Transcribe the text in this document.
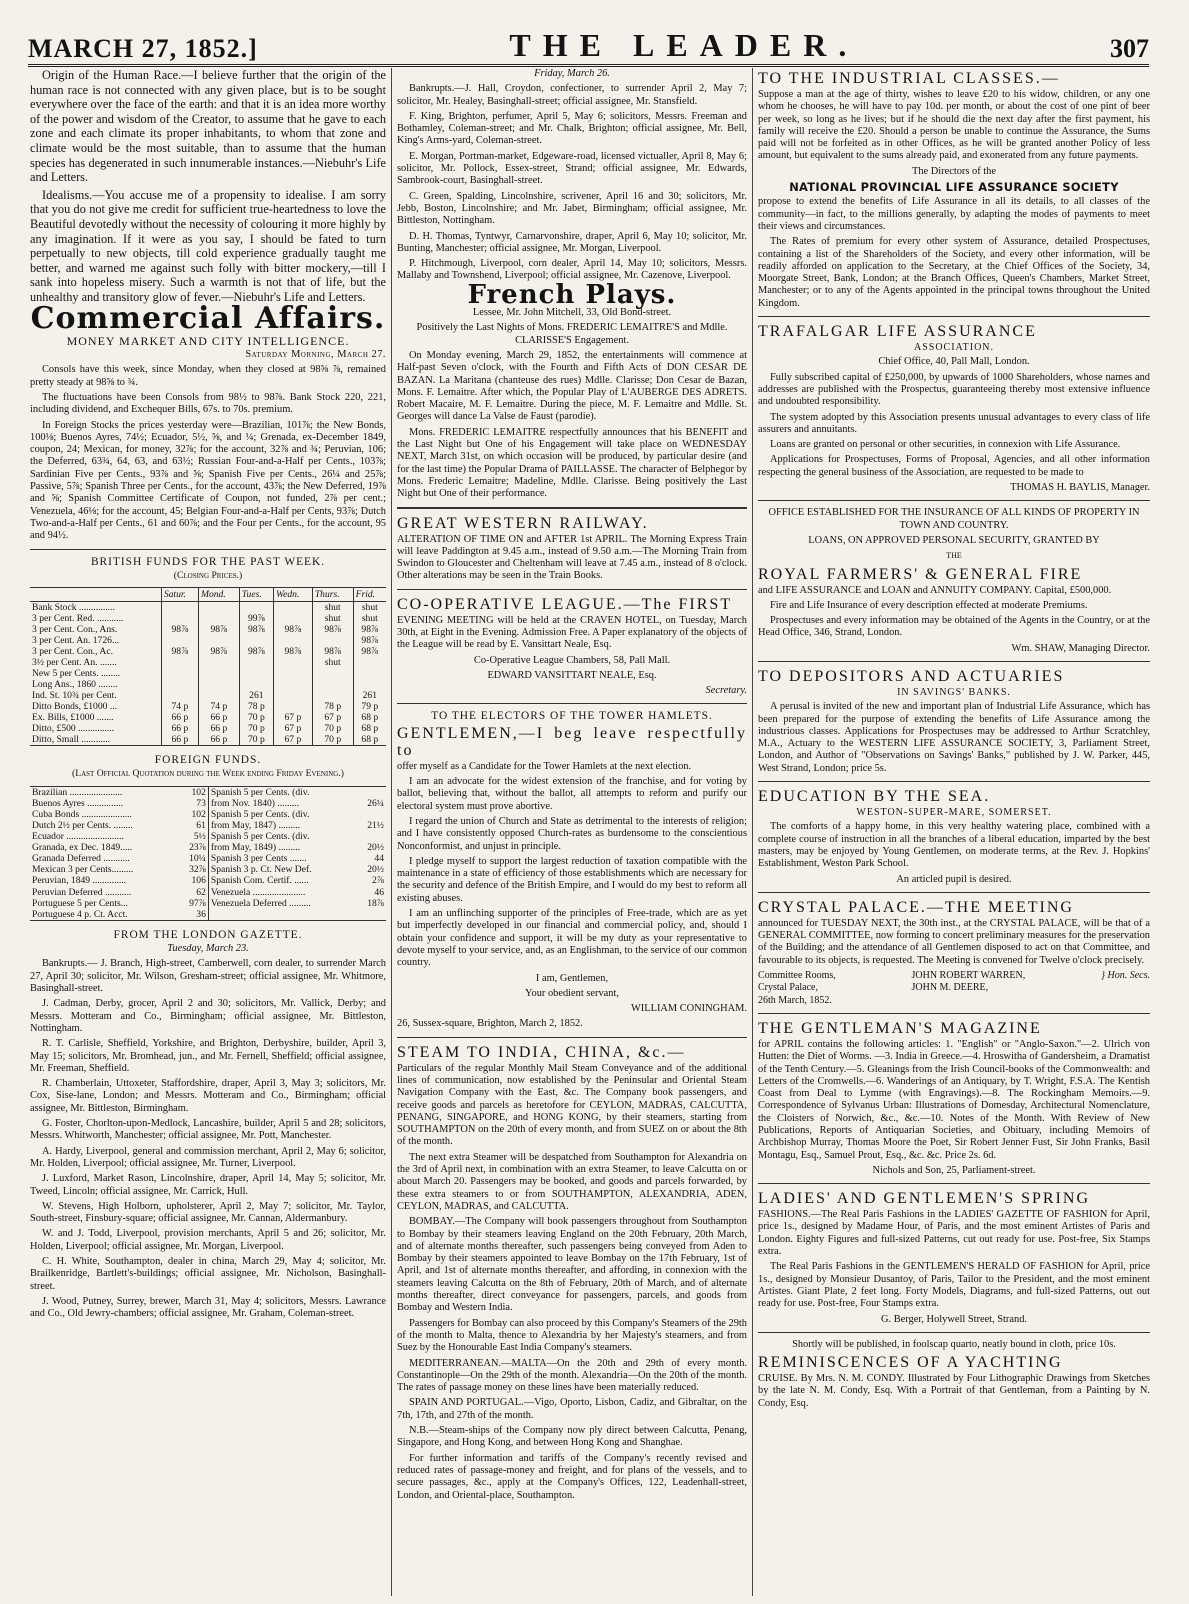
MARCH 27, 1852.]	THE LEADER.	307

Origin of the Human Race.—I believe further that the origin of the human race is not connected with any given place, but is to be sought everywhere over the face of the earth: and that it is an idea more worthy of the power and wisdom of the Creator, to assume that he gave to each zone and each climate its proper inhabitants, to whom that zone and climate would be the most suitable, than to assume that the human species has degenerated in such innumerable instances.—Niebuhr's Life and Letters.

Idealisms.—You accuse me of a propensity to idealise. I am sorry that you do not give me credit for sufficient true-heartedness to love the Beautiful devotedly without the necessity of colouring it more highly by any imagination. If it were as you say, I should be fated to turn perpetually to new objects, till cold experience gradually taught me better, and warned me against such folly with bitter mockery,—till I sank into hopeless misery. Such a warmth is not that of life, but the unhealthy and transitory glow of fever.—Niebuhr's Life and Letters.

Commercial Affairs.
MONEY MARKET AND CITY INTELLIGENCE.

Saturday Morning, March 27.

Consols have this week, since Monday, when they closed at 98⅝ ⅞, remained pretty steady at 98⅝ to ¾.

The fluctuations have been Consols from 98½ to 98⅞. Bank Stock 220, 221, including dividend, and Exchequer Bills, 67s. to 70s. premium.

In Foreign Stocks the prices yesterday were—Brazilian, 101⅞; the New Bonds, 100⅛; Buenos Ayres, 74½; Ecuador, 5½, ⅝, and ¼; Grenada, ex-December 1849, coupon, 24; Mexican, for money, 32⅞; for the account, 32⅞ and ¾; Peruvian, 106; the Deferred, 63¾, 64, 63, and 63½; Russian Four-and-a-Half per Cents., 103⅞; Sardinian Five per Cents., 93⅞ and ⅝; Spanish Five per Cents., 26¼ and 25⅞; Passive, 5⅞; Spanish Three per Cents., for the account, 43⅞; the New Deferred, 19⅞ and ⅝; Spanish Committee Certificate of Coupon, not funded, 2⅞ per cent.; Venezuela, 46⅛; for the account, 45; Belgian Four-and-a-Half per Cents, 93⅞; Dutch Two-and-a-Half per Cents., 61 and 60⅞; and the Four per Cents., for the account, 95 and 94½.

BRITISH FUNDS FOR THE PAST WEEK.
(Closing Prices.)
	Satur.	Mond.	Tues.	Wedn.	Thurs.	Frid.
Bank Stock ...............					shut	shut
3 per Cent. Red. ...........			99⅞		shut	shut
3 per Cent. Con., Ans.	98⅞	98⅞	98⅞	98⅞	98⅞	98⅞
3 per Cent. An. 1726...						98⅞
3 per Cent. Con., Ac.	98⅞	98⅞	98⅞	98⅞	98⅞	98⅞
3½ per Cent. An. .......					shut	
New 5 per Cents. ........						
Long Ans., 1860 ........						
Ind. St. 10¾ per Cent.			261			261
Ditto Bonds, £1000 ...	74 p	74 p	78 p		78 p	79 p
Ex. Bills, £1000 .......	66 p	66 p	70 p	67 p	67 p	68 p
Ditto, £500 ...............	66 p	66 p	70 p	67 p	70 p	68 p
Ditto, Small ............	66 p	66 p	70 p	67 p	70 p	68 p
FOREIGN FUNDS.
(Last Official Quotation during the Week ending Friday Evening.)
Brazilian ......................	102	Spanish 5 per Cents. (div.	
Buenos Ayres ...............	73	from Nov. 1840) .........	26¼
Cuba Bonds .....................	102	Spanish 5 per Cents. (div.	
Dutch 2½ per Cents. ........	61	from May, 1847) .........	21½
Ecuador ........................	5½	Spanish 5 per Cents. (div.	
Granada, ex Dec. 1849.....	23⅞	from May, 1849) .........	20½
Granada Deferred ...........	10¼	Spanish 3 per Cents .......	44
Mexican 3 per Cents.........	32⅞	Spanish 3 p. Ct. New Def.	20½
Peruvian, 1849 ..............	106	Spanish Com. Certif. ......	2⅞
Peruvian Deferred ...........	62	Venezuela ......................	46
Portuguese 5 per Cents...	97⅞	Venezuela Deferred .........	18⅞
Portuguese 4 p. Ct. Acct.	36		
FROM THE LONDON GAZETTE.

Tuesday, March 23.

Bankrupts.— J. Branch, High-street, Camberwell, corn dealer, to surrender March 27, April 30; solicitor, Mr. Wilson, Gresham-street; official assignee, Mr. Whitmore, Basinghall-street.

J. Cadman, Derby, grocer, April 2 and 30; solicitors, Mr. Vallick, Derby; and Messrs. Motteram and Co., Birmingham; official assignee, Mr. Bittleston, Nottingham.

R. T. Carlisle, Sheffield, Yorkshire, and Brighton, Derbyshire, builder, April 3, May 15; solicitors, Mr. Bromhead, jun., and Mr. Fernell, Sheffield; official assignee, Mr. Freeman, Sheffield.

R. Chamberlain, Uttoxeter, Staffordshire, draper, April 3, May 3; solicitors, Mr. Cox, Sise-lane, London; and Messrs. Motteram and Co., Birmingham; official assignee, Mr. Bittleston, Birmingham.

G. Foster, Chorlton-upon-Medlock, Lancashire, builder, April 5 and 28; solicitors, Messrs. Whitworth, Manchester; official assignee, Mr. Pott, Manchester.

A. Hardy, Liverpool, general and commission merchant, April 2, May 6; solicitor, Mr. Holden, Liverpool; official assignee, Mr. Turner, Liverpool.

J. Luxford, Market Rason, Lincolnshire, draper, April 14, May 5; solicitor, Mr. Tweed, Lincoln; official assignee, Mr. Carrick, Hull.

W. Stevens, High Holborn, upholsterer, April 2, May 7; solicitor, Mr. Taylor, South-street, Finsbury-square; official assignee, Mr. Cannan, Aldermanbury.

W. and J. Todd, Liverpool, provision merchants, April 5 and 26; solicitor, Mr. Holden, Liverpool; official assignee, Mr. Morgan, Liverpool.

C. H. White, Southampton, dealer in china, March 29, May 4; solicitor, Mr. Brailkenridge, Bartlett's-buildings; official assignee, Mr. Nicholson, Basinghall-street.

J. Wood, Putney, Surrey, brewer, March 31, May 4; solicitors, Messrs. Lawrance and Co., Old Jewry-chambers; official assignee, Mr. Graham, Coleman-street.

Friday, March 26.

Bankrupts.—J. Hall, Croydon, confectioner, to surrender April 2, May 7; solicitor, Mr. Healey, Basinghall-street; official assignee, Mr. Stansfield.

F. King, Brighton, perfumer, April 5, May 6; solicitors, Messrs. Freeman and Bothamley, Coleman-street; and Mr. Chalk, Brighton; official assignee, Mr. Bell, King's Arms-yard, Coleman-street.

E. Morgan, Portman-market, Edgeware-road, licensed victualler, April 8, May 6; solicitor, Mr. Pollock, Essex-street, Strand; official assignee, Mr. Edwards, Sambrook-court, Basinghall-street.

C. Green, Spalding, Lincolnshire, scrivener, April 16 and 30; solicitors, Mr. Jebb, Boston, Lincolnshire; and Mr. Jabet, Birmingham; official assignee, Mr. Bittleston, Nottingham.

D. H. Thomas, Tyntwyr, Carnarvonshire, draper, April 6, May 10; solicitor, Mr. Bunting, Manchester; official assignee, Mr. Morgan, Liverpool.

P. Hitchmough, Liverpool, corn dealer, April 14, May 10; solicitors, Messrs. Mallaby and Townshend, Liverpool; official assignee, Mr. Cazenove, Liverpool.

French Plays.

Lessee, Mr. John Mitchell, 33, Old Bond-street.

Positively the Last Nights of Mons. FREDERIC LEMAITRE'S and Mdlle. CLARISSE'S Engagement.

On Monday evening, March 29, 1852, the entertainments will commence at Half-past Seven o'clock, with the Fourth and Fifth Acts of DON CESAR DE BAZAN. La Maritana (chanteuse des rues) Mdlle. Clarisse; Don Cesar de Bazan, Mons. F. Lemaitre. After which, the Popular Play of L'AUBERGE DES ADRETS. Robert Macaire, M. F. Lemaitre. During the piece, M. F. Lemaitre and Mdlle. St. Georges will dance La Valse de Faust (parodie).

Mons. FREDERIC LEMAITRE respectfully announces that his BENEFIT and the Last Night but One of his Engagement will take place on WEDNESDAY NEXT, March 31st, on which occasion will be produced, by particular desire (and for the last time) the Popular Drama of PAILLASSE. The character of Belphegor by Mons. Frederic Lemaitre; Madeline, Mdlle. Clarisse. Being positively the Last Night but One of their performance.

GREAT WESTERN RAILWAY.

ALTERATION OF TIME ON and AFTER 1st APRIL. The Morning Express Train will leave Paddington at 9.45 a.m., instead of 9.50 a.m.—The Morning Train from Swindon to Gloucester and Cheltenham will leave at 7.45 a.m., instead of 8 o'clock. Other alterations may be seen in the Train Books.

CO-OPERATIVE LEAGUE.—The FIRST

EVENING MEETING will be held at the CRAVEN HOTEL, on Tuesday, March 30th, at Eight in the Evening. Admission Free. A Paper explanatory of the objects of the League will be read by E. Vansittart Neale, Esq.

Co-Operative League Chambers, 58, Pall Mall.

EDWARD VANSITTART NEALE, Esq.

Secretary.

TO THE ELECTORS OF THE TOWER HAMLETS.
GENTLEMEN,—I beg leave respectfully to

offer myself as a Candidate for the Tower Hamlets at the next election.

I am an advocate for the widest extension of the franchise, and for voting by ballot, believing that, without the ballot, all attempts to reform and purify our electoral system must prove abortive.

I regard the union of Church and State as detrimental to the interests of religion; and I have consistently opposed Church-rates as burdensome to the conscientious Nonconformist, and unjust in principle.

I pledge myself to support the largest reduction of taxation compatible with the maintenance in a state of efficiency of those establishments which are necessary for the security and defence of the British Empire, and I would do my best to reform all existing abuses.

I am an unflinching supporter of the principles of Free-trade, which are as yet but imperfectly developed in our financial and commercial policy, and, should I obtain your confidence and support, it will be my duty as your representative to devote myself to your service, and, as an Englishman, to the service of our common country.

I am, Gentlemen,

Your obedient servant,

WILLIAM CONINGHAM.

26, Sussex-square, Brighton, March 2, 1852.

STEAM TO INDIA, CHINA, &c.—

Particulars of the regular Monthly Mail Steam Conveyance and of the additional lines of communication, now established by the Peninsular and Oriental Steam Navigation Company with the East, &c. The Company book passengers, and receive goods and parcels as heretofore for CEYLON, MADRAS, CALCUTTA, PENANG, SINGAPORE, and HONG KONG, by their steamers, starting from SOUTHAMPTON on the 20th of every month, and from SUEZ on or about the 8th of the month.

The next extra Steamer will be despatched from Southampton for Alexandria on the 3rd of April next, in combination with an extra Steamer, to leave Calcutta on or about March 20. Passengers may be booked, and goods and parcels forwarded, by these extra steamers to or from SOUTHAMPTON, ALEXANDRIA, ADEN, CEYLON, MADRAS, and CALCUTTA.

BOMBAY.—The Company will book passengers throughout from Southampton to Bombay by their steamers leaving England on the 20th February, 20th March, and of alternate months thereafter, such passengers being conveyed from Aden to Bombay by their steamers appointed to leave Bombay on the 17th February, 1st of April, and 1st of alternate months thereafter, and affording, in connexion with the steamers leaving Calcutta on the 8th of February, 20th of March, and of alternate months thereafter, direct conveyance for passengers, parcels, and goods from Bombay and Western India.

Passengers for Bombay can also proceed by this Company's Steamers of the 29th of the month to Malta, thence to Alexandria by her Majesty's steamers, and from Suez by the Honourable East India Company's steamers.

MEDITERRANEAN.—MALTA—On the 20th and 29th of every month. Constantinople—On the 29th of the month. Alexandria—On the 20th of the month. The rates of passage money on these lines have been materially reduced.

SPAIN AND PORTUGAL.—Vigo, Oporto, Lisbon, Cadiz, and Gibraltar, on the 7th, 17th, and 27th of the month.

N.B.—Steam-ships of the Company now ply direct between Calcutta, Penang, Singapore, and Hong Kong, and between Hong Kong and Shanghae.

For further information and tariffs of the Company's recently revised and reduced rates of passage-money and freight, and for plans of the vessels, and to secure passages, &c., apply at the Company's Offices, 122, Leadenhall-street, London, and Oriental-place, Southampton.

TO THE INDUSTRIAL CLASSES.—

Suppose a man at the age of thirty, wishes to leave £20 to his widow, children, or any one whom he chooses, he will have to pay 10d. per month, or about the cost of one pint of beer per week, so long as he lives; but if he should die the next day after the first payment, his family will receive the £20. Should a person be unable to continue the Assurance, the Sums paid will not be forfeited as in other Offices, as he will be granted another Policy of less amount, but equivalent to the sums already paid, and exonerated from any future payments.

The Directors of the

NATIONAL PROVINCIAL LIFE ASSURANCE SOCIETY

propose to extend the benefits of Life Assurance in all its details, to all classes of the community—in fact, to the millions generally, by adapting the modes of payments to meet their views and circumstances.

The Rates of premium for every other system of Assurance, detailed Prospectuses, containing a list of the Shareholders of the Society, and every other information, will be readily afforded on application to the Secretary, at the Chief Offices of the Society, 34, Moorgate Street, Bank, London; at the Branch Offices, Queen's Chambers, Market Street, Manchester; or to any of the Agents appointed in the principal towns throughout the United Kingdom.

TRAFALGAR LIFE ASSURANCE
ASSOCIATION.

Chief Office, 40, Pall Mall, London.

Fully subscribed capital of £250,000, by upwards of 1000 Shareholders, whose names and addresses are published with the Prospectus, guaranteeing thereby most extensive influence and undoubted responsibility.

The system adopted by this Association presents unusual advantages to every class of life assurers and annuitants.

Loans are granted on personal or other securities, in connexion with Life Assurance.

Applications for Prospectuses, Forms of Proposal, Agencies, and all other information respecting the general business of the Association, are requested to be made to

THOMAS H. BAYLIS, Manager.

OFFICE ESTABLISHED FOR THE INSURANCE OF ALL KINDS OF PROPERTY IN TOWN AND COUNTRY.

LOANS, ON APPROVED PERSONAL SECURITY, GRANTED BY

THE

ROYAL FARMERS' & GENERAL FIRE

and LIFE ASSURANCE and LOAN and ANNUITY COMPANY. Capital, £500,000.

Fire and Life Insurance of every description effected at moderate Premiums.

Prospectuses and every information may be obtained of the Agents in the Country, or at the Head Office, 346, Strand, London.

Wm. SHAW, Managing Director.

TO DEPOSITORS AND ACTUARIES
IN SAVINGS' BANKS.

A perusal is invited of the new and important plan of Industrial Life Assurance, which has been prepared for the purpose of extending the benefits of Life Assurance among the industrious classes. Applications for Prospectuses may be addressed to Arthur Scratchley, M.A., Actuary to the WESTERN LIFE ASSURANCE SOCIETY, 3, Parliament Street, London, and Author of "Observations on Savings' Banks," published by J. W. Parker, 445, West Strand, London; price 5s.

EDUCATION BY THE SEA.
WESTON-SUPER-MARE, SOMERSET.

The comforts of a happy home, in this very healthy watering place, combined with a complete course of instruction in all the branches of a liberal education, imparted by the best masters, may be enjoyed by Young Gentlemen, on moderate terms, at the Rev. J. Hopkins' Establishment, Weston Park School.

An articled pupil is desired.

CRYSTAL PALACE.—THE MEETING

announced for TUESDAY NEXT, the 30th inst., at the CRYSTAL PALACE, will be that of a GENERAL COMMITTEE, now forming to concert preliminary measures for the preservation of the Building; and the attendance of all Gentlemen disposed to act on that Committee, and favourable to its objects, is requested. The Meeting is convened for Twelve o'clock precisely.

Committee Rooms,
Crystal Palace,
26th March, 1852.
JOHN ROBERT WARREN,
JOHN M. DEERE,
} Hon. Secs.
THE GENTLEMAN'S MAGAZINE

for APRIL contains the following articles: 1. "English" or "Anglo-Saxon."—2. Ulrich von Hutten: the Diet of Worms. —3. India in Greece.—4. Hroswitha of Gandersheim, a Dramatist of the Tenth Century.—5. Gleanings from the Irish Council-books of the Commonwealth: and Letters of the Cromwells.—6. Wanderings of an Antiquary, by T. Wright, F.S.A. The Kentish Coast from Deal to Lymme (with Engravings).—8. The Rockingham Memoirs.—9. Correspondence of Sylvanus Urban: Illustrations of Domesday, Architectural Nomenclature, the Cloisters of Norwich, &c., &c.—10. Notes of the Month. With Review of New Publications, Reports of Antiquarian Societies, and Obituary, including Memoirs of Archbishop Murray, Thomas Moore the Poet, Sir Robert Jenner Fust, Sir John Franks, Basil Montagu, Esq., Samuel Prout, Esq., &c. &c. Price 2s. 6d.

Nichols and Son, 25, Parliament-street.

LADIES' AND GENTLEMEN'S SPRING

FASHIONS.—The Real Paris Fashions in the LADIES' GAZETTE OF FASHION for April, price 1s., designed by Madame Hour, of Paris, and the most eminent Artistes of Paris and London. Eighty Figures and full-sized Patterns, cut out ready for use. Post-free, Six Stamps extra.

The Real Paris Fashions in the GENTLEMEN'S HERALD OF FASHION for April, price 1s., designed by Monsieur Dusantoy, of Paris, Tailor to the President, and the most eminent Artistes. Giant Plate, 2 feet long. Forty Models, Diagrams, and full-sized Patterns, out out ready for use. Post-free, Four Stamps extra.

G. Berger, Holywell Street, Strand.

Shortly will be published, in foolscap quarto, neatly bound in cloth, price 10s.

REMINISCENCES OF A YACHTING

CRUISE. By Mrs. N. M. CONDY. Illustrated by Four Lithographic Drawings from Sketches by the late N. M. Condy, Esq. With a Portrait of that Gentleman, from a Painting by N. Condy, Esq.
